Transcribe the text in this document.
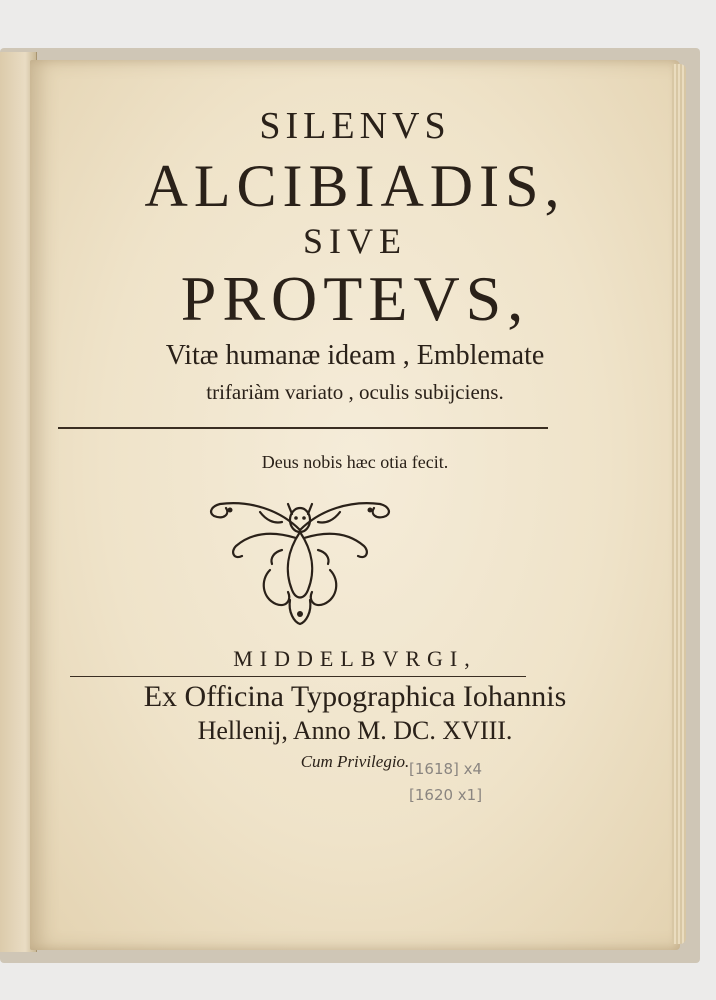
SILENVS
ALCIBIADIS,
SIVE
PROTEVS,
Vitæ humanæ ideam , Emblemate
trifariàm variato , oculis subijciens.
Deus nobis hæc otia fecit.
MIDDELBVRGI,
Ex Officina Typographica Iohannis
Hellenij, Anno M. DC. XVIII.
Cum Privilegio. [1618] x4
[1620 x1]
